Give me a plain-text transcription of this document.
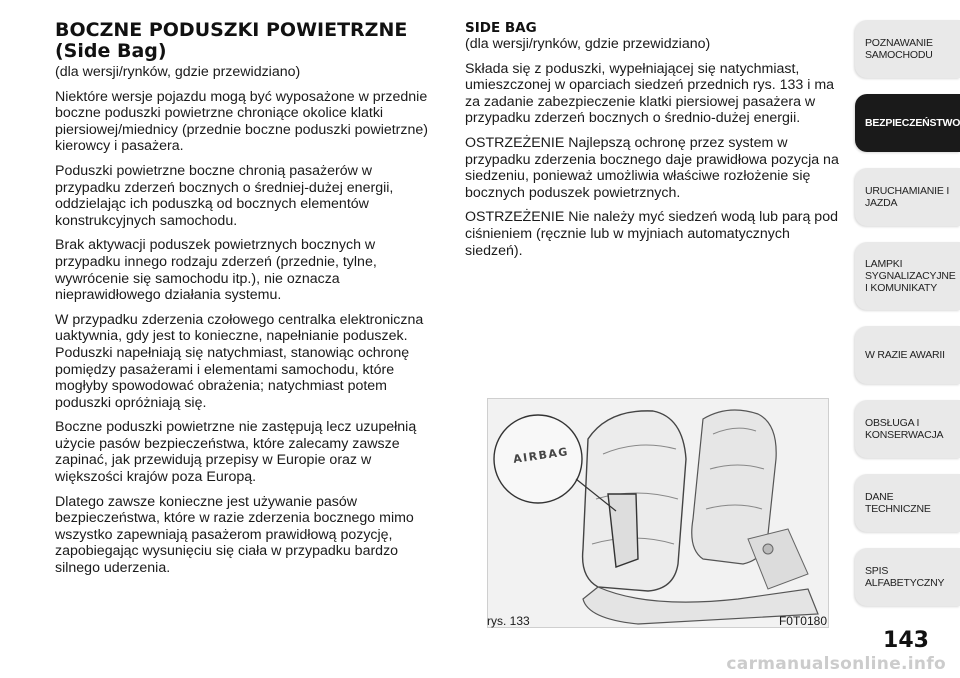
BOCZNE PODUSZKI POWIETRZNE
(Side Bag)

(dla wersji/rynków, gdzie przewidziano)

Niektóre wersje pojazdu mogą być wyposażone w przednie boczne poduszki powietrzne chroniące okolice klatki piersiowej/miednicy (przednie boczne poduszki powietrzne) kierowcy i pasażera.

Poduszki powietrzne boczne chronią pasażerów w przypadku zderzeń bocznych o średniej-dużej energii, oddzielając ich poduszką od bocznych elementów konstrukcyjnych samochodu.

Brak aktywacji poduszek powietrznych bocznych w przypadku innego rodzaju zderzeń (przednie, tylne, wywrócenie się samochodu itp.), nie oznacza nieprawidłowego działania systemu.

W przypadku zderzenia czołowego centralka elektroniczna uaktywnia, gdy jest to konieczne, napełnianie poduszek. Poduszki napełniają się natychmiast, stanowiąc ochronę pomiędzy pasażerami i elementami samochodu, które mogłyby spowodować obrażenia; natychmiast potem poduszki opróżniają się.

Boczne poduszki powietrzne nie zastępują lecz uzupełnią użycie pasów bezpieczeństwa, które zalecamy zawsze zapinać, jak przewidują przepisy w Europie oraz w większości krajów poza Europą.

Dlatego zawsze konieczne jest używanie pasów bezpieczeństwa, które w razie zderzenia bocznego mimo wszystko zapewniają pasażerom prawidłową pozycję, zapobiegając wysunięciu się ciała w przypadku bardzo silnego uderzenia.

SIDE BAG

(dla wersji/rynków, gdzie przewidziano)

Składa się z poduszki, wypełniającej się natychmiast, umieszczonej w oparciach siedzeń przednich rys. 133 i ma za zadanie zabezpieczenie klatki piersiowej pasażera w przypadku zderzeń bocznych o średnio-dużej energii.

OSTRZEŻENIE Najlepszą ochronę przez system w przypadku zderzenia bocznego daje prawidłowa pozycja na siedzeniu, ponieważ umożliwia właściwe rozłożenie się bocznych poduszek powietrznych.

OSTRZEŻENIE Nie należy myć siedzeń wodą lub parą pod ciśnieniem (ręcznie lub w myjniach automatycznych siedzeń).

AIRBAG
rys. 133	F0T0180
POZNAWANIE SAMOCHODU
BEZPIECZEŃSTWO
URUCHAMIANIE I JAZDA
LAMPKI SYGNALIZACYJNE I KOMUNIKATY
W RAZIE AWARII
OBSŁUGA I KONSERWACJA
DANE TECHNICZNE
SPIS ALFABETYCZNY
143
carmanualsonline.info
